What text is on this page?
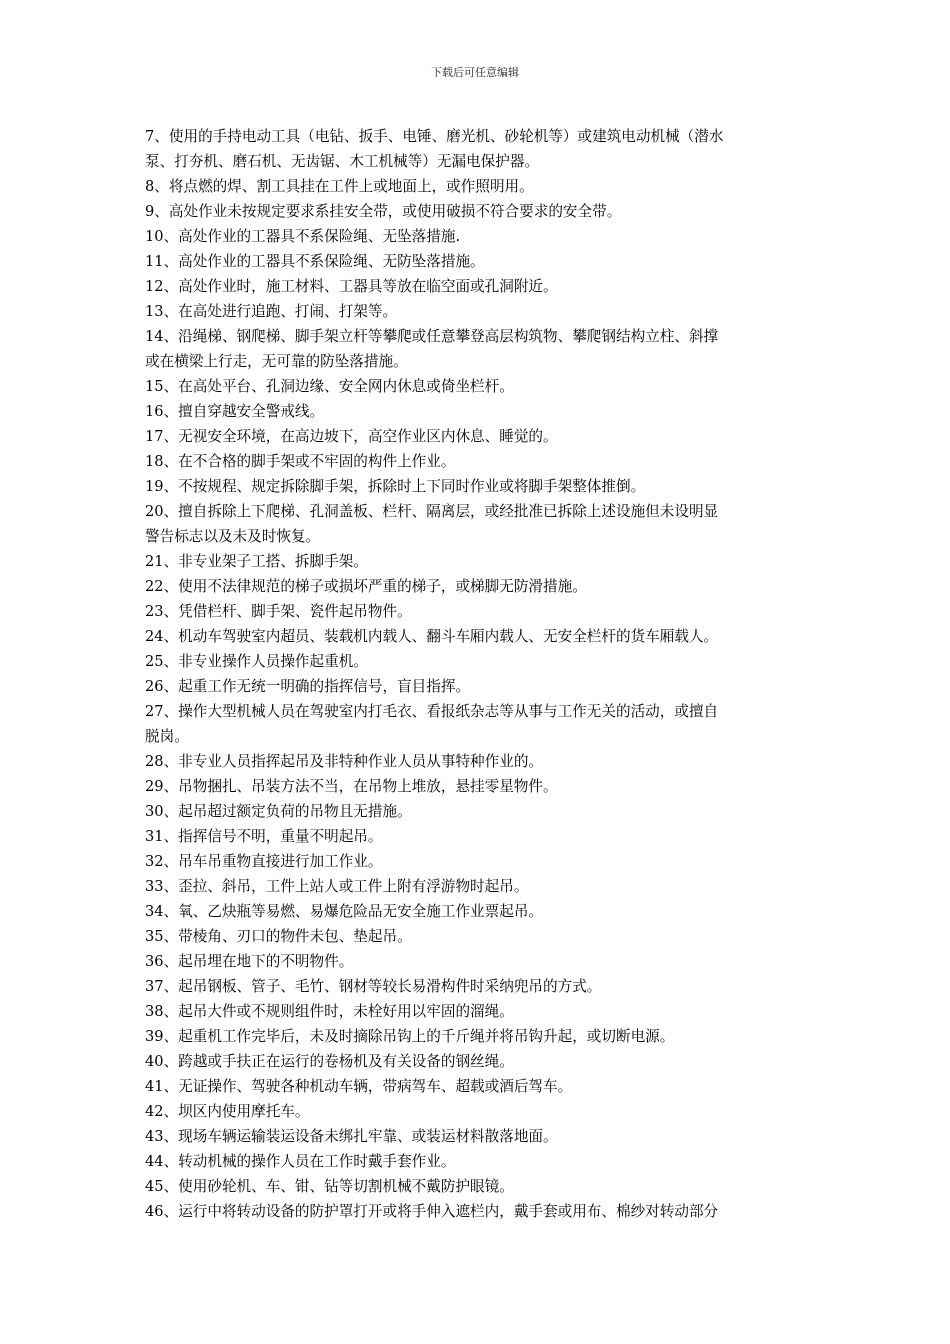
下载后可任意编辑

7、使用的手持电动工具（电钻、扳手、电锤、磨光机、砂轮机等）或建筑电动机械（潜水

泵、打夯机、磨石机、无齿锯、木工机械等）无漏电保护器。

8、将点燃的焊、割工具挂在工件上或地面上，或作照明用。

9、高处作业未按规定要求系挂安全带，或使用破损不符合要求的安全带。

10、高处作业的工器具不系保险绳、无坠落措施.

11、高处作业的工器具不系保险绳、无防坠落措施。

12、高处作业时，施工材料、工器具等放在临空面或孔洞附近。

13、在高处进行追跑、打闹、打架等。

14、沿绳梯、钢爬梯、脚手架立杆等攀爬或任意攀登高层构筑物、攀爬钢结构立柱、斜撑

或在横梁上行走，无可靠的防坠落措施。

15、在高处平台、孔洞边缘、安全网内休息或倚坐栏杆。

16、擅自穿越安全警戒线。

17、无视安全环境，在高边坡下，高空作业区内休息、睡觉的。

18、在不合格的脚手架或不牢固的构件上作业。

19、不按规程、规定拆除脚手架，拆除时上下同时作业或将脚手架整体推倒。

20、擅自拆除上下爬梯、孔洞盖板、栏杆、隔离层，或经批准已拆除上述设施但未设明显

警告标志以及未及时恢复。

21、非专业架子工搭、拆脚手架。

22、使用不法律规范的梯子或损坏严重的梯子，或梯脚无防滑措施。

23、凭借栏杆、脚手架、瓷件起吊物件。

24、机动车驾驶室内超员、装载机内载人、翻斗车厢内载人、无安全栏杆的货车厢载人。

25、非专业操作人员操作起重机。

26、起重工作无统一明确的指挥信号，盲目指挥。

27、操作大型机械人员在驾驶室内打毛衣、看报纸杂志等从事与工作无关的活动，或擅自

脱岗。

28、非专业人员指挥起吊及非特种作业人员从事特种作业的。

29、吊物捆扎、吊装方法不当，在吊物上堆放，悬挂零星物件。

30、起吊超过额定负荷的吊物且无措施。

31、指挥信号不明，重量不明起吊。

32、吊车吊重物直接进行加工作业。

33、歪拉、斜吊，工件上站人或工件上附有浮游物时起吊。

34、氧、乙炔瓶等易燃、易爆危险品无安全施工作业票起吊。

35、带棱角、刃口的物件未包、垫起吊。

36、起吊埋在地下的不明物件。

37、起吊钢板、管子、毛竹、钢材等较长易滑构件时采纳兜吊的方式。

38、起吊大件或不规则组件时，未栓好用以牢固的溜绳。

39、起重机工作完毕后，未及时摘除吊钩上的千斤绳并将吊钩升起，或切断电源。

40、跨越或手扶正在运行的卷杨机及有关设备的钢丝绳。

41、无证操作、驾驶各种机动车辆，带病驾车、超载或酒后驾车。

42、坝区内使用摩托车。

43、现场车辆运输装运设备未绑扎牢靠、或装运材料散落地面。

44、转动机械的操作人员在工作时戴手套作业。

45、使用砂轮机、车、钳、钻等切割机械不戴防护眼镜。

46、运行中将转动设备的防护罩打开或将手伸入遮栏内，戴手套或用布、棉纱对转动部分
